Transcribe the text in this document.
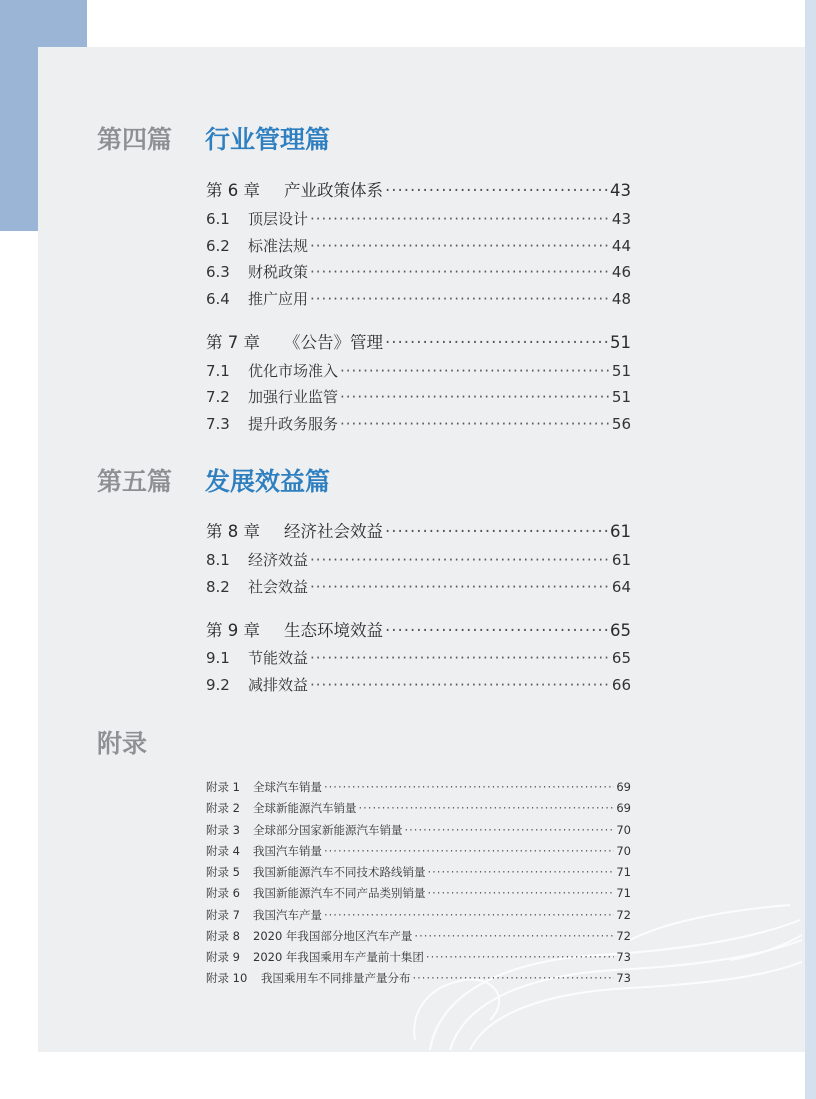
第四篇	行业管理篇
第 6 章 产业政策体系 ·····	43
6.1 顶层设计 ·····	43
6.2 标准法规 ·····	44
6.3 财税政策 ·····	46
6.4 推广应用 ·····	48
第 7 章 《公告》管理 ·····	51
7.1 优化市场准入 ·····	51
7.2 加强行业监管 ·····	51
7.3 提升政务服务 ·····	56
第五篇	发展效益篇
第 8 章 经济社会效益 ·····	61
8.1 经济效益 ·····	61
8.2 社会效益 ·····	64
第 9 章 生态环境效益 ·····	65
9.1 节能效益 ·····	65
9.2 减排效益 ·····	66
附录
附录 1 全球汽车销量 ·····	69
附录 2 全球新能源汽车销量 ·····	69
附录 3 全球部分国家新能源汽车销量 ·····	70
附录 4 我国汽车销量 ·····	70
附录 5 我国新能源汽车不同技术路线销量 ·····	71
附录 6 我国新能源汽车不同产品类别销量 ·····	71
附录 7 我国汽车产量 ·····	72
附录 8 2020 年我国部分地区汽车产量 ·····	72
附录 9 2020 年我国乘用车产量前十集团 ·····	73
附录 10 我国乘用车不同排量产量分布 ·····	73
